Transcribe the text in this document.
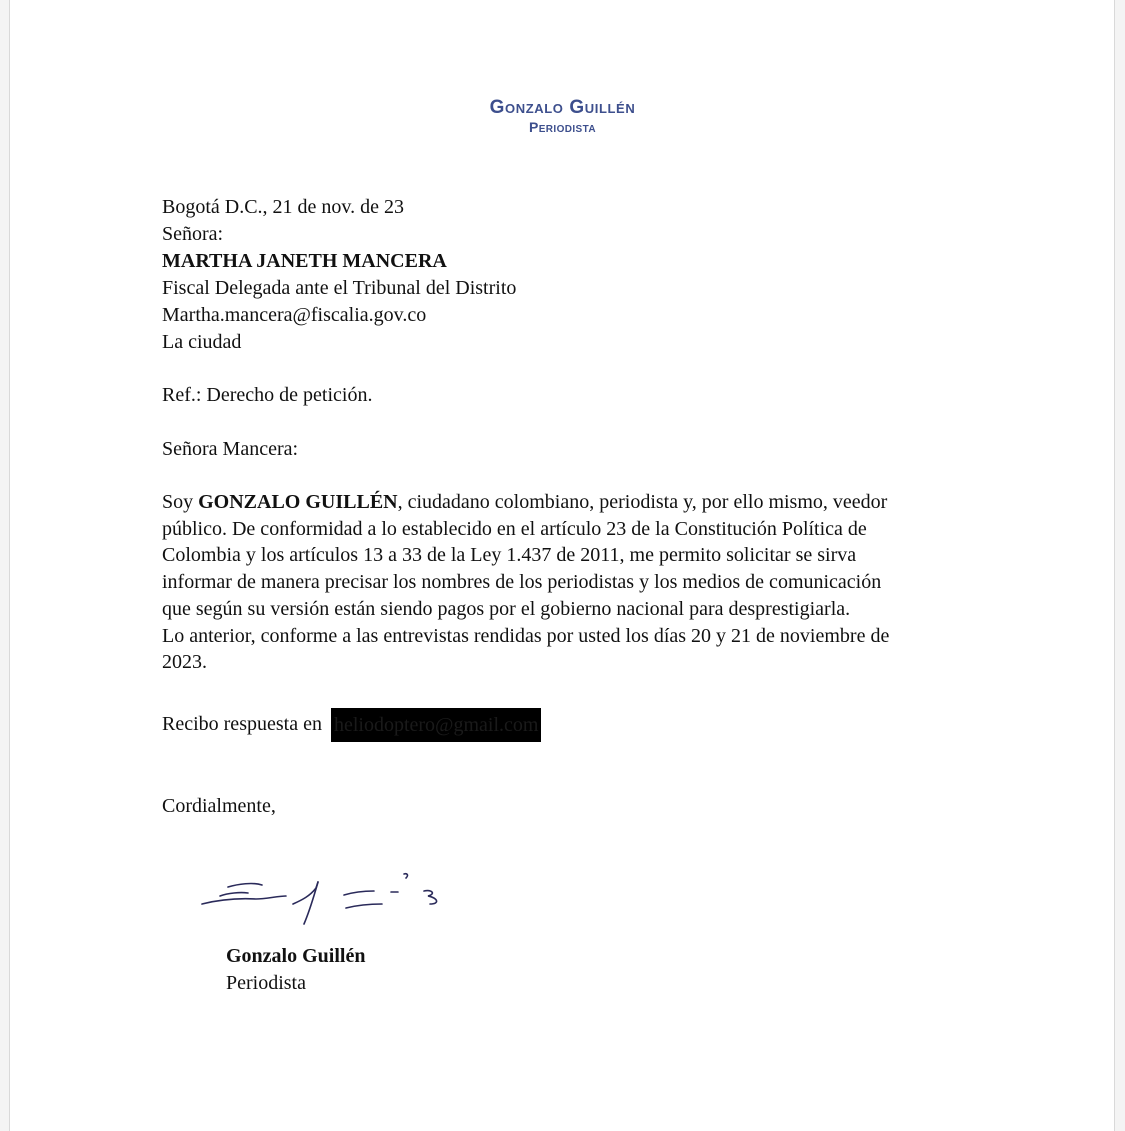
Gonzalo Guillén
Periodista
Bogotá D.C., 21 de nov. de 23
Señora:
MARTHA JANETH MANCERA
Fiscal Delegada ante el Tribunal del Distrito
Martha.mancera@fiscalia.gov.co
La ciudad
Ref.: Derecho de petición.
Señora Mancera:
Soy GONZALO GUILLÉN, ciudadano colombiano, periodista y, por ello mismo, veedor
público. De conformidad a lo establecido en el artículo 23 de la Constitución Política de
Colombia y los artículos 13 a 33 de la Ley 1.437 de 2011, me permito solicitar se sirva
informar de manera precisar los nombres de los periodistas y los medios de comunicación
que según su versión están siendo pagos por el gobierno nacional para desprestigiarla.
Lo anterior, conforme a las entrevistas rendidas por usted los días 20 y 21 de noviembre de
2023.
Recibo respuesta en heliodoptero@gmail.com
Cordialmente,
Gonzalo Guillén
Periodista
